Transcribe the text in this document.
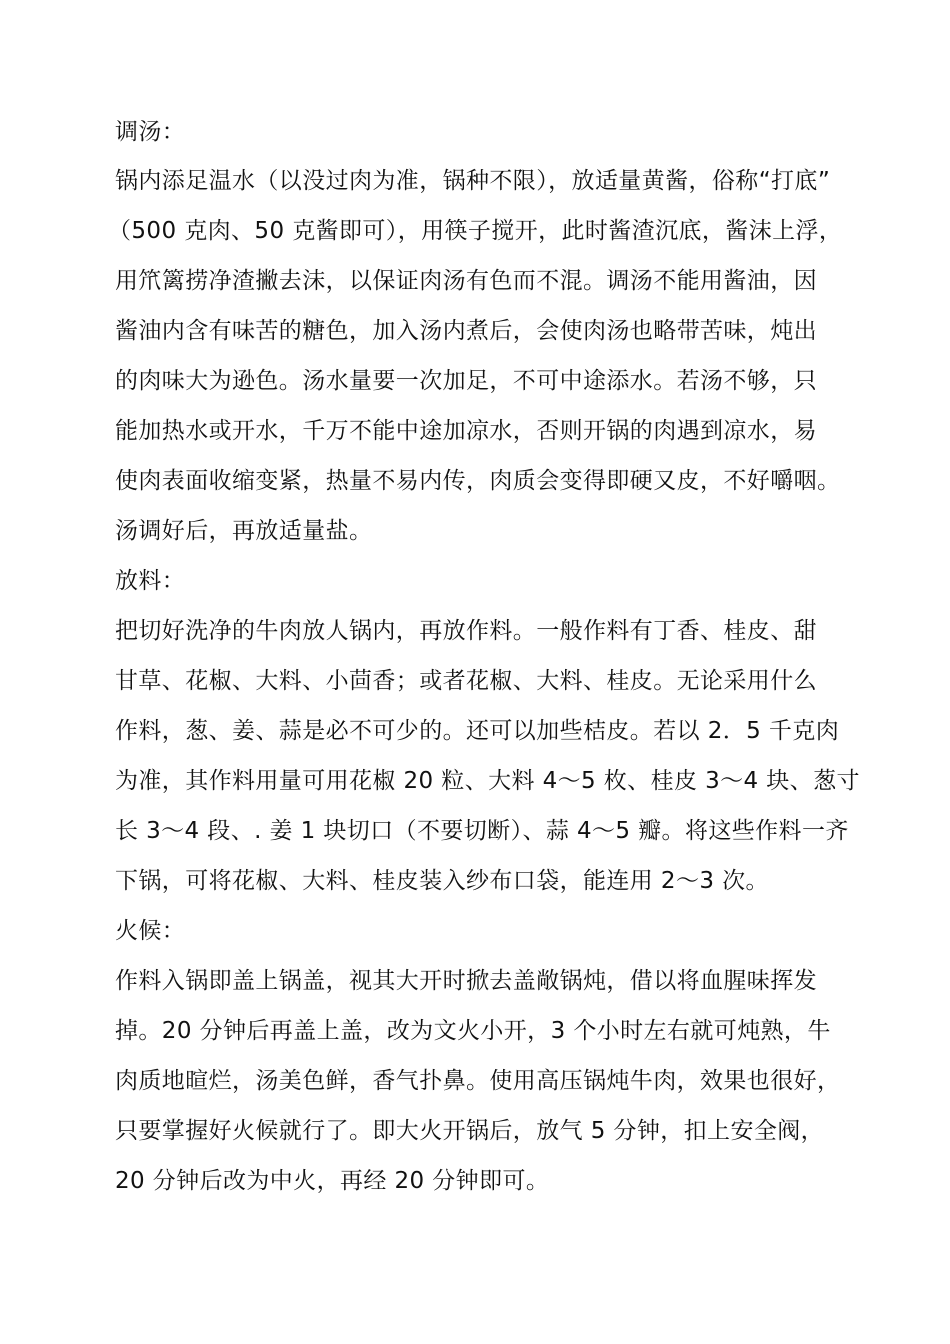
调汤：
锅内添足温水（以没过肉为准，锅种不限），放适量黄酱，俗称“打底”
（500 克肉、50 克酱即可），用筷子搅开，此时酱渣沉底，酱沫上浮，
用笊篱捞净渣撇去沫，以保证肉汤有色而不混。调汤不能用酱油，因
酱油内含有味苦的糖色，加入汤内煮后，会使肉汤也略带苦味，炖出
的肉味大为逊色。汤水量要一次加足，不可中途添水。若汤不够，只
能加热水或开水，千万不能中途加凉水，否则开锅的肉遇到凉水，易
使肉表面收缩变紧，热量不易内传，肉质会变得即硬又皮，不好嚼咽。
汤调好后，再放适量盐。
放料：
把切好洗净的牛肉放人锅内，再放作料。一般作料有丁香、桂皮、甜
甘草、花椒、大料、小茴香；或者花椒、大料、桂皮。无论采用什么
作料，葱、姜、蒜是必不可少的。还可以加些桔皮。若以 2．5 千克肉
为准，其作料用量可用花椒 20 粒、大料 4～5 枚、桂皮 3～4 块、葱寸
长 3～4 段、. 姜 1 块切口（不要切断）、蒜 4～5 瓣。将这些作料一齐
下锅，可将花椒、大料、桂皮装入纱布口袋，能连用 2～3 次。
火候：
作料入锅即盖上锅盖，视其大开时掀去盖敞锅炖，借以将血腥味挥发
掉。20 分钟后再盖上盖，改为文火小开，3 个小时左右就可炖熟，牛
肉质地暄烂，汤美色鲜，香气扑鼻。使用高压锅炖牛肉，效果也很好，
只要掌握好火候就行了。即大火开锅后，放气 5 分钟，扣上安全阀，
20 分钟后改为中火，再经 20 分钟即可。
